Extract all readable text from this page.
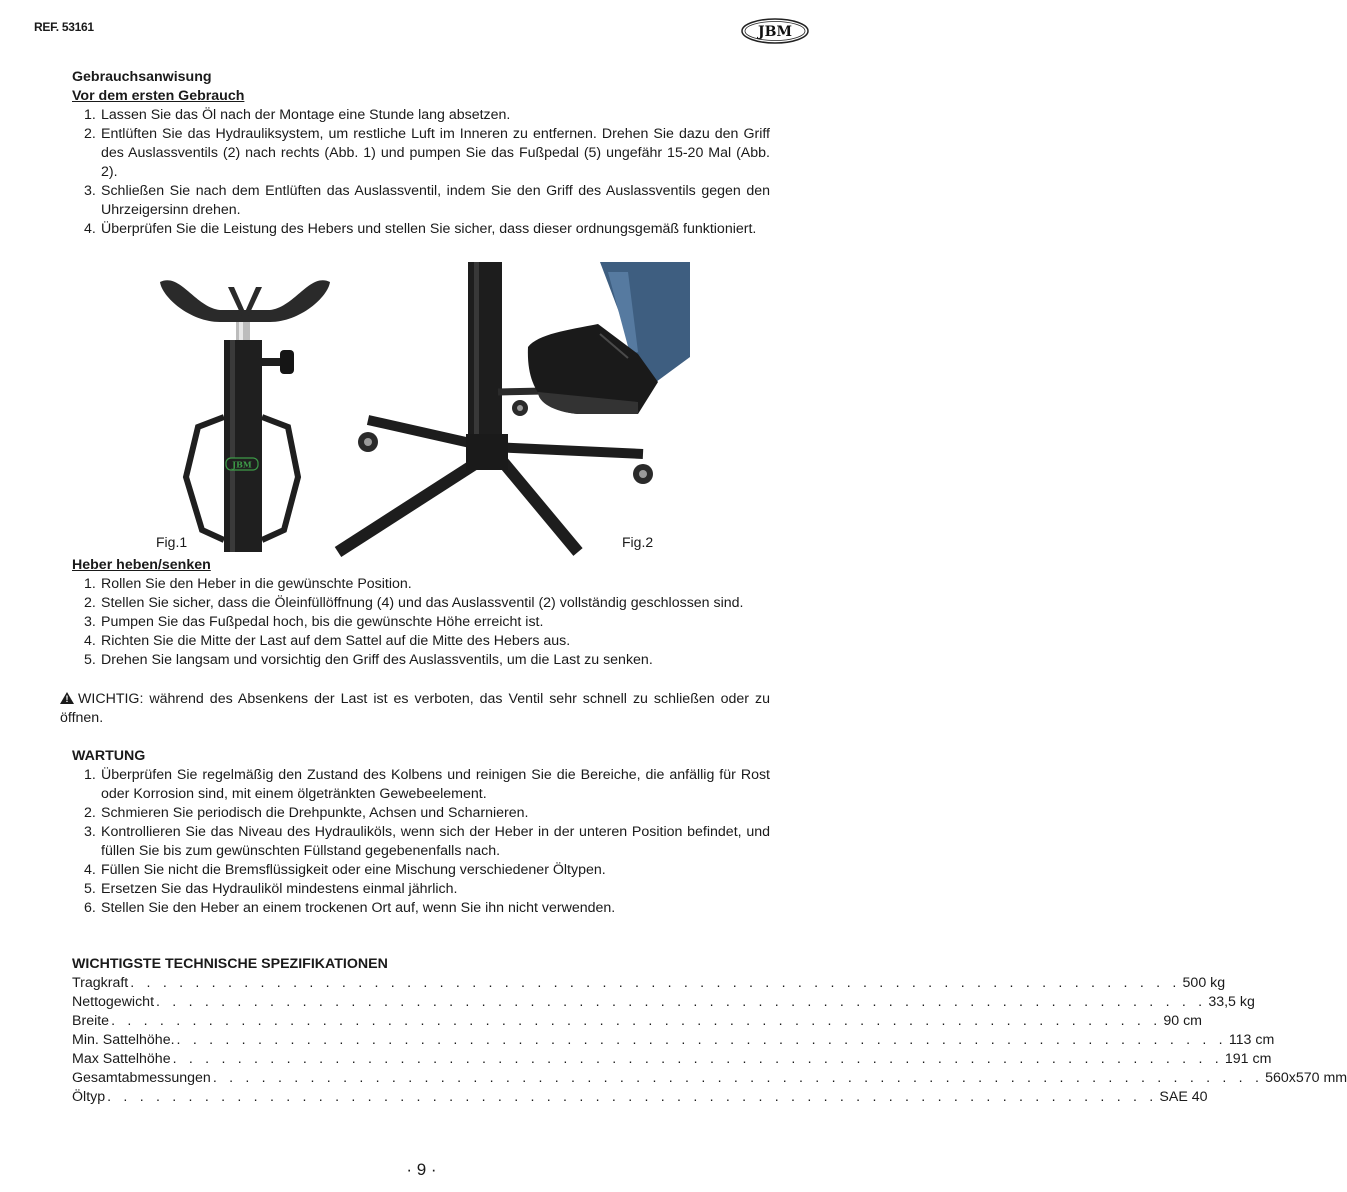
REF. 53161	JBM
Gebrauchsanwisung
Vor dem ersten Gebrauch
1. Lassen Sie das Öl nach der Montage eine Stunde lang absetzen.
2. Entlüften Sie das Hydrauliksystem, um restliche Luft im Inneren zu entfernen. Drehen Sie dazu den Griff des Auslassventils (2) nach rechts (Abb. 1) und pumpen Sie das Fußpedal (5) ungefähr 15-20 Mal (Abb. 2).
3. Schließen Sie nach dem Entlüften das Auslassventil, indem Sie den Griff des Auslassventils gegen den Uhrzeigersinn drehen.
4. Überprüfen Sie die Leistung des Hebers und stellen Sie sicher, dass dieser ordnungsgemäß funktioniert.
JBM
Fig.1	Fig.2
Heber heben/senken
1. Rollen Sie den Heber in die gewünschte Position.
2. Stellen Sie sicher, dass die Öleinfüllöffnung (4) und das Auslassventil (2) vollständig geschlossen sind.
3. Pumpen Sie das Fußpedal hoch, bis die gewünschte Höhe erreicht ist.
4. Richten Sie die Mitte der Last auf dem Sattel auf die Mitte des Hebers aus.
5. Drehen Sie langsam und vorsichtig den Griff des Auslassventils, um die Last zu senken.
! WICHTIG: während des Absenkens der Last ist es verboten, das Ventil sehr schnell zu schließen oder zu öffnen.
WARTUNG
1. Überprüfen Sie regelmäßig den Zustand des Kolbens und reinigen Sie die Bereiche, die anfällig für Rost oder Korrosion sind, mit einem ölgetränkten Gewebeelement.
2. Schmieren Sie periodisch die Drehpunkte, Achsen und Scharnieren.
3. Kontrollieren Sie das Niveau des Hydrauliköls, wenn sich der Heber in der unteren Position befindet, und füllen Sie bis zum gewünschten Füllstand gegebenenfalls nach.
4. Füllen Sie nicht die Bremsflüssigkeit oder eine Mischung verschiedener Öltypen.
5. Ersetzen Sie das Hydrauliköl mindestens einmal jährlich.
6. Stellen Sie den Heber an einem trockenen Ort auf, wenn Sie ihn nicht verwenden.
WICHTIGSTE TECHNISCHE SPEZIFIKATIONEN
Tragkraft . . . . . . . . . . . . . . . . . . . . . . . . . . . . . . . . . . . . . . . . . . . . . . . . . . . . . . . . . . . . . . . . . 500 kg
Nettogewicht . . . . . . . . . . . . . . . . . . . . . . . . . . . . . . . . . . . . . . . . . . . . . . . . . . . . . . . . . . . . . . . . . 33,5 kg
Breite . . . . . . . . . . . . . . . . . . . . . . . . . . . . . . . . . . . . . . . . . . . . . . . . . . . . . . . . . . . . . . . . . 90 cm
Min. Sattelhöhe. . . . . . . . . . . . . . . . . . . . . . . . . . . . . . . . . . . . . . . . . . . . . . . . . . . . . . . . . . . . . . . . . . 113 cm
Max Sattelhöhe . . . . . . . . . . . . . . . . . . . . . . . . . . . . . . . . . . . . . . . . . . . . . . . . . . . . . . . . . . . . . . . . . 191 cm
Gesamtabmessungen . . . . . . . . . . . . . . . . . . . . . . . . . . . . . . . . . . . . . . . . . . . . . . . . . . . . . . . . . . . . . . . . . 560x570 mm
Öltyp . . . . . . . . . . . . . . . . . . . . . . . . . . . . . . . . . . . . . . . . . . . . . . . . . . . . . . . . . . . . . . . . . SAE 40
· 9 ·
